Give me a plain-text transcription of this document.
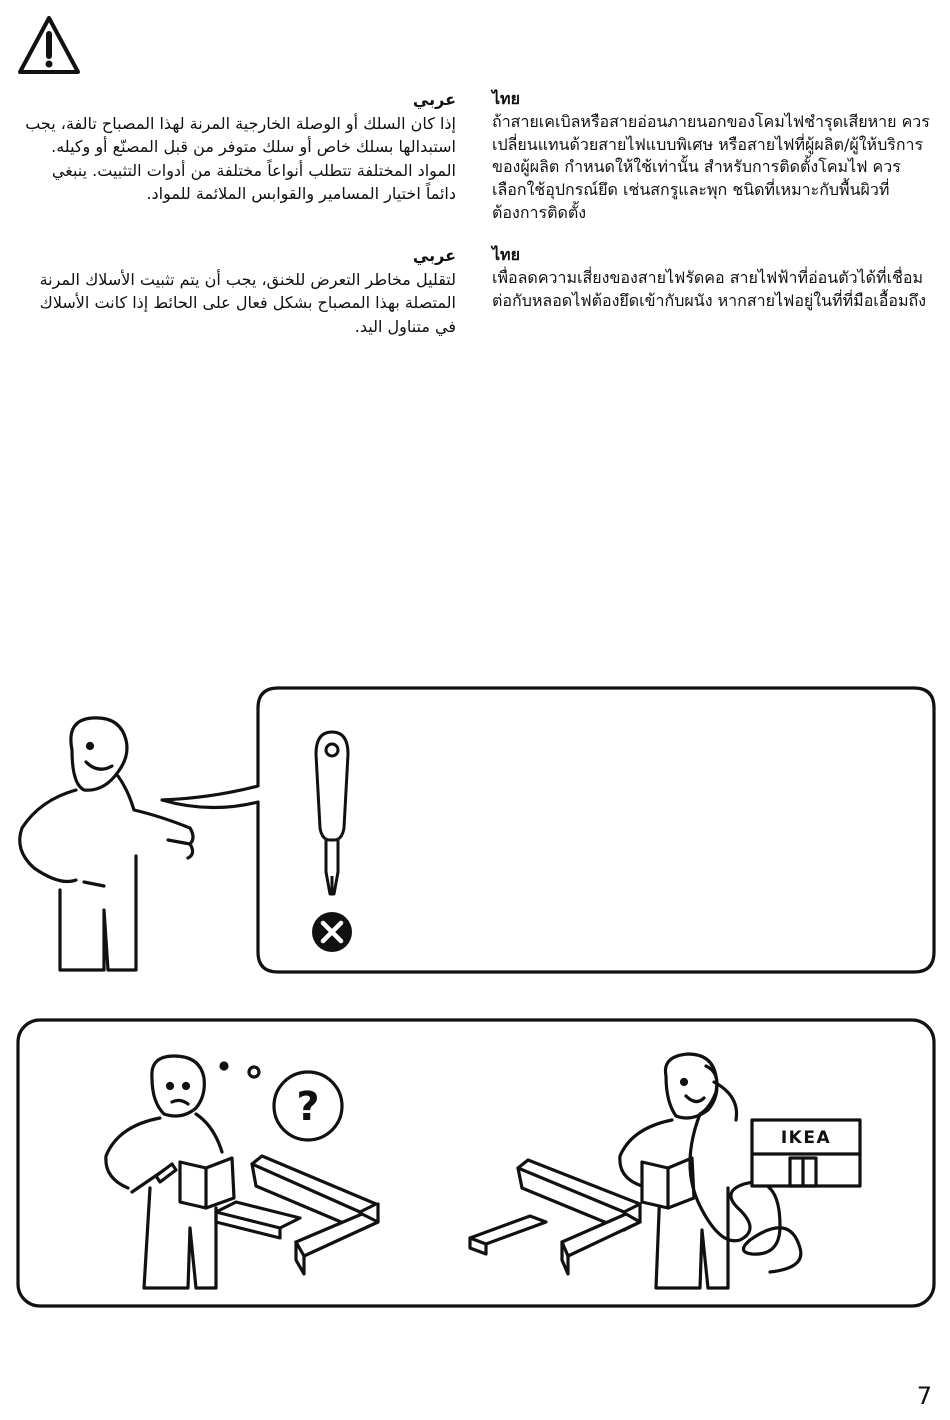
عربي

إذا كان السلك أو الوصلة الخارجية المرنة لهذا المصباح تالفة، يجب استبدالها بسلك خاص أو سلك متوفر من قبل المصنّع أو وكيله. المواد المختلفة تتطلب أنواعاً مختلفة من أدوات التثبيت. ينبغي دائماً اختيار المسامير والقوابس الملائمة للمواد.

عربي

لتقليل مخاطر التعرض للخنق، يجب أن يتم تثبيت الأسلاك المرنة المتصلة بهذا المصباح بشكل فعال على الحائط إذا كانت الأسلاك في متناول اليد.

ไทย

ถ้าสายเคเบิลหรือสายอ่อนภายนอกของโคมไฟชำรุดเสียหาย ควรเปลี่ยนแทนด้วยสายไฟแบบพิเศษ หรือสายไฟที่ผู้ผลิต/ผู้ให้บริการของผู้ผลิต กำหนดให้ใช้เท่านั้น สำหรับการติดตั้งโคมไฟ ควรเลือกใช้อุปกรณ์ยึด เช่นสกรูและพุก ชนิดที่เหมาะกับพื้นผิวที่ต้องการติดตั้ง

ไทย

เพื่อลดความเสี่ยงของสายไฟรัดคอ สายไฟฟ้าที่อ่อนตัวได้ที่เชื่อมต่อกับหลอดไฟต้องยึดเข้ากับผนัง หากสายไฟอยู่ในที่ที่มือเอื้อมถึง

?
IKEA
7
